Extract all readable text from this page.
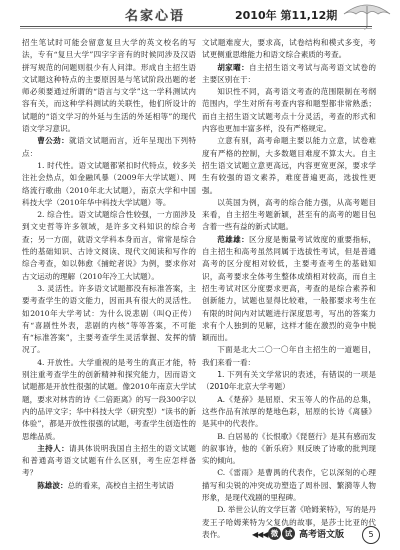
名家心语	2010年 第11,12期

招生笔试时可能会留意复旦大学的英文校名的写法，专有“复旦大学”四字字音有的时候同涉及汉语拼写规范的问题则很少有人问津。形成自主招生语文试题这种特点的主要原因是与笔试阶段出题的老师必须要通过所谓的“语言与文学”这一学科测试内容有关，而这种学科测试的关联性，他们所设计的试题的“语文学习的外延与生活的外延相等”的现代语文学习意识。

曹公劲：就语文试题而言，近年呈现出下列特点：

1. 时代性。语文试题都紧扣时代特点，较多关注社会热点，如金融风暴（2009年大学试题）、网络流行歌曲（2010年北大试题），南京大学和中国科技大学（2010年华中科技大学试题）等。

2. 综合性。语文试题综合性较强，一方面涉及到文史哲等许多领域，是许多文科知识的综合考查；另一方面，就语文学科本身而言，常常是综合性的基础知识、古诗文阅读、现代文阅读和写作的综合考查，如以韩愈《捕蛇者说》为例，要求你对古文运动的理解（2010年冷工大试题）。

3. 灵活性。许多语文试题都没有标准答案，主要考查学生的语文能力，因而具有很大的灵活性。如2010年大学考试：为什么说悲剧（叫Q正传）有“喜剧性外表，悲剧的内核”等等答案，不可能有“标准答案”，主要考查学生灵活掌握、发挥的情况了。

4. 开放性。大学重视的是考生的真正才能，特别注重考查学生的创新精神和探究能力，因而语文试题都是开放性很强的试题。像2010年南京大学试题，要求对林肯的诗《二倍距离》的写一段300字以内的品评文字；华中科技大学（研究型）“读书的新体验”，都是开放性很强的试题，考查学生创造性的思维品质。

主持人：请具体说明我国自主招生的语文试题和普通高考语文试题有什么区别，考生应怎样备考？

陈雄波：总的看来，高校自主招生考试语

文试题难度大，要求高，试卷结构和模式多变，考试更侧重思维能力和语文综合素质的考查。

胡家曜：自主招生语文考试与高考语文试卷的主要区别在于：

知识性不同，高考语文考查的范围限制在考纲范围内，学生对所有考查内容和题型都非常熟悉；而自主招生语文试题考点十分灵活，考查的形式和内容也更加丰富多样，没有严格规定。

立意有别，高考命题主要以能力立意，试卷难度有严格的控制，大多数题目难度不算太大。自主招生语文试题立意更高远，内容更宽更深，要求学生有较强的语文素养，难度普遍更高，选拔性更强。

以英国为例，高考的综合能力强，从高考题目来看，自主招生考题新颖，甚至有的高考的题目包含着一些有益的新式试题。

范雄雄：区分度是衡量考试效度的重要指标，自主招生和高考虽然同属于选拔性考试，但是普通高考的区分度相对较低，主要考查考生的基础知识，高考要求全体考生整体成绩相对较高，而自主招生考试对区分度要求更高，考查的是综合素养和创新能力，试题也显得比较难，一般都要求考生在有限的时间内对试题进行深度思考，写出的答案力求有个人独到的见解，这样才能在激烈的竞争中脱颖而出。

下面是北大二〇一〇年自主招生的一道题目，我们来看一看：

1. 下列有关文学常识的表述，有错误的一项是（2010年北京大学考题）

A.《楚辞》是屈原、宋玉等人的作品的总集，这些作品有浓厚的楚地色彩，屈原的长诗《离骚》是其中的代表作。

B. 白居易的《长恨歌》《琵琶行》是其有感而发的叙事诗，他的《新乐府》则反映了诗歌的批判现实的倾向。

C.《雷雨》是曹禺的代表作，它以深刻的心理描写和尖锐的冲突成功塑造了周朴园、繁漪等人物形象，是现代戏剧的里程碑。

D. 举世公认的文学巨著《哈姆莱特》，写的是丹麦王子哈姆莱特为父复仇的故事，是莎士比亚的代表作。	◀◀◀ 微 试 高考语文版	5
